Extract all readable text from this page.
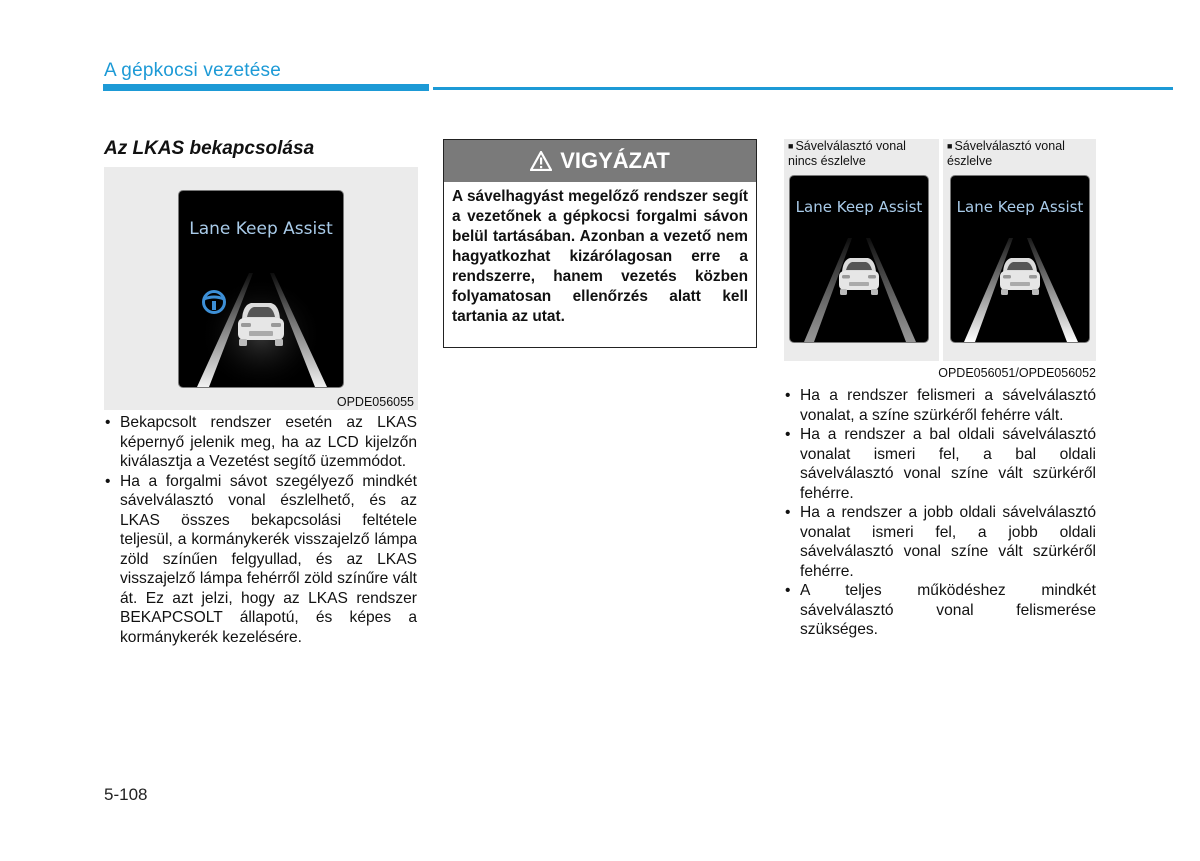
A gépkocsi vezetése
Az LKAS bekapcsolása
Lane Keep Assist
OPDE056055
• Bekapcsolt rendszer esetén az LKAS képernyő jelenik meg, ha az LCD kijelzőn kiválasztja a Vezetést segítő üzemmódot.
• Ha a forgalmi sávot szegélyező mindkét sávelválasztó vonal észlelhető, és az LKAS összes bekapcsolási feltétele teljesül, a kormánykerék visszajelző lámpa zöld színűen felgyullad, és az LKAS visszajelző lámpa fehérről zöld színűre vált át. Ez azt jelzi, hogy az LKAS rendszer BEKAPCSOLT állapotú, és képes a kormánykerék kezelésére.
VIGYÁZAT
A sávelhagyást megelőző rendszer segít a vezetőnek a gépkocsi forgalmi sávon belül tartásában. Azonban a vezető nem hagyatkozhat kizárólagosan erre a rendszerre, hanem vezetés közben folyamatosan ellenőrzés alatt kell tartania az utat.
■ Sávelválasztó vonal nincs észlelve
Lane Keep Assist
■ Sávelválasztó vonal észlelve
Lane Keep Assist
OPDE056051/OPDE056052
• Ha a rendszer felismeri a sávelválasztó vonalat, a színe szürkéről fehérre vált.
• Ha a rendszer a bal oldali sávelválasztó vonalat ismeri fel, a bal oldali sávelválasztó vonal színe vált szürkéről fehérre.
• Ha a rendszer a jobb oldali sávelválasztó vonalat ismeri fel, a jobb oldali sávelválasztó vonal színe vált szürkéről fehérre.
• A teljes működéshez mindkét sávelválasztó vonal felismerése szükséges.
5-108
